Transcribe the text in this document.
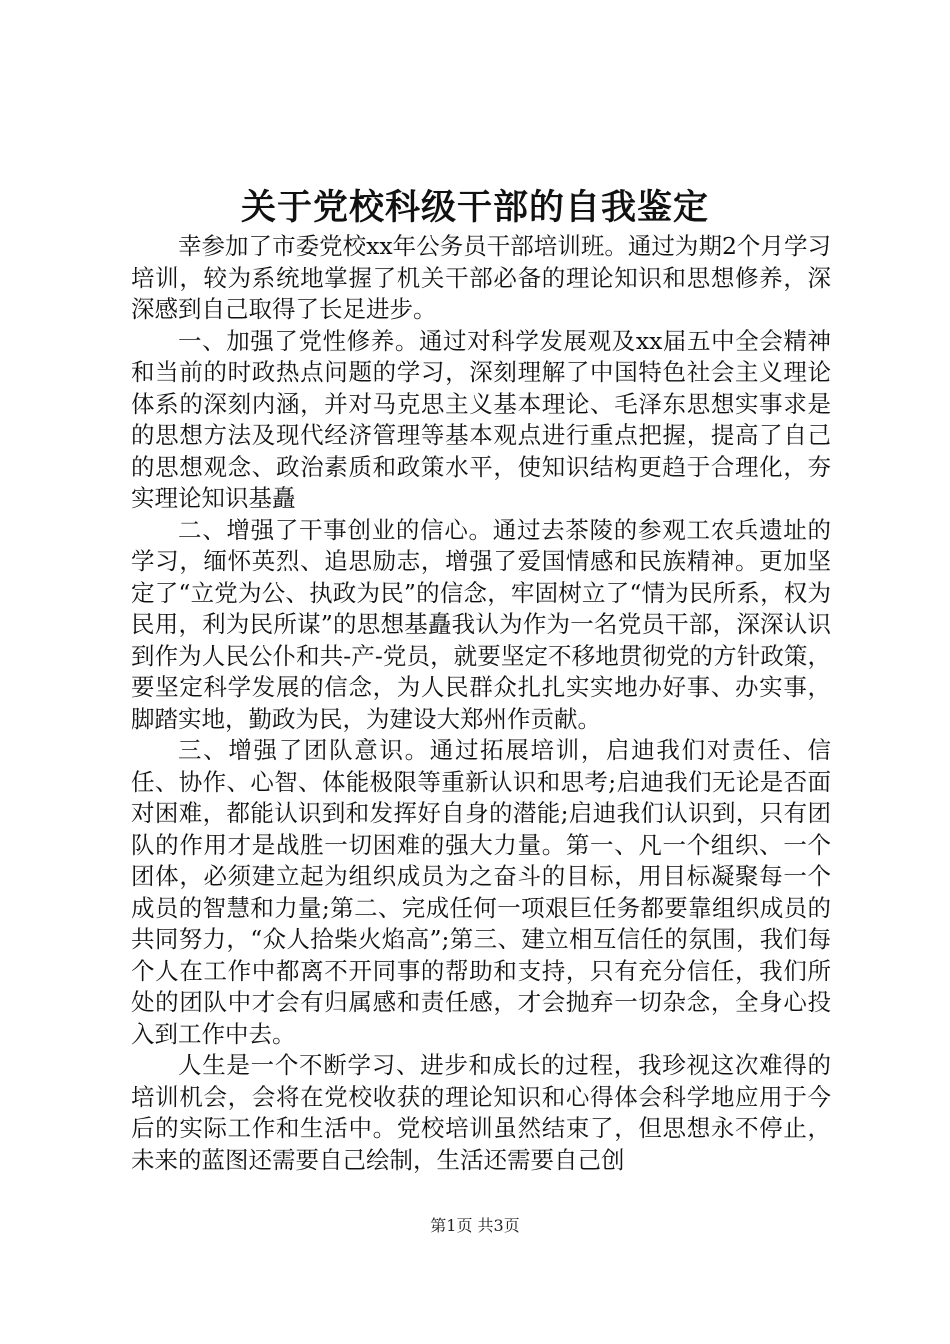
关于党校科级干部的自我鉴定

幸参加了市委党校xx年公务员干部培训班。通过为期2个月学习培训，较为系统地掌握了机关干部必备的理论知识和思想修养，深深感到自己取得了长足进步。

一、加强了党性修养。通过对科学发展观及xx届五中全会精神和当前的时政热点问题的学习，深刻理解了中国特色社会主义理论体系的深刻内涵，并对马克思主义基本理论、毛泽东思想实事求是的思想方法及现代经济管理等基本观点进行重点把握，提高了自己的思想观念、政治素质和政策水平，使知识结构更趋于合理化，夯实理论知识基矗

二、增强了干事创业的信心。通过去茶陵的参观工农兵遗址的学习，缅怀英烈、追思励志，增强了爱国情感和民族精神。更加坚定了“立党为公、执政为民”的信念，牢固树立了“情为民所系，权为民用，利为民所谋”的思想基矗我认为作为一名党员干部，深深认识到作为人民公仆和共-产-党员，就要坚定不移地贯彻党的方针政策，要坚定科学发展的信念，为人民群众扎扎实实地办好事、办实事，脚踏实地，勤政为民，为建设大郑州作贡献。

三、增强了团队意识。通过拓展培训，启迪我们对责任、信任、协作、心智、体能极限等重新认识和思考;启迪我们无论是否面对困难，都能认识到和发挥好自身的潜能;启迪我们认识到，只有团队的作用才是战胜一切困难的强大力量。第一、凡一个组织、一个团体，必须建立起为组织成员为之奋斗的目标，用目标凝聚每一个成员的智慧和力量;第二、完成任何一项艰巨任务都要靠组织成员的共同努力，“众人拾柴火焰高”;第三、建立相互信任的氛围，我们每个人在工作中都离不开同事的帮助和支持，只有充分信任，我们所处的团队中才会有归属感和责任感，才会抛弃一切杂念，全身心投入到工作中去。

人生是一个不断学习、进步和成长的过程，我珍视这次难得的培训机会，会将在党校收获的理论知识和心得体会科学地应用于今后的实际工作和生活中。党校培训虽然结束了，但思想永不停止，未来的蓝图还需要自己绘制，生活还需要自己创

第1页 共3页
